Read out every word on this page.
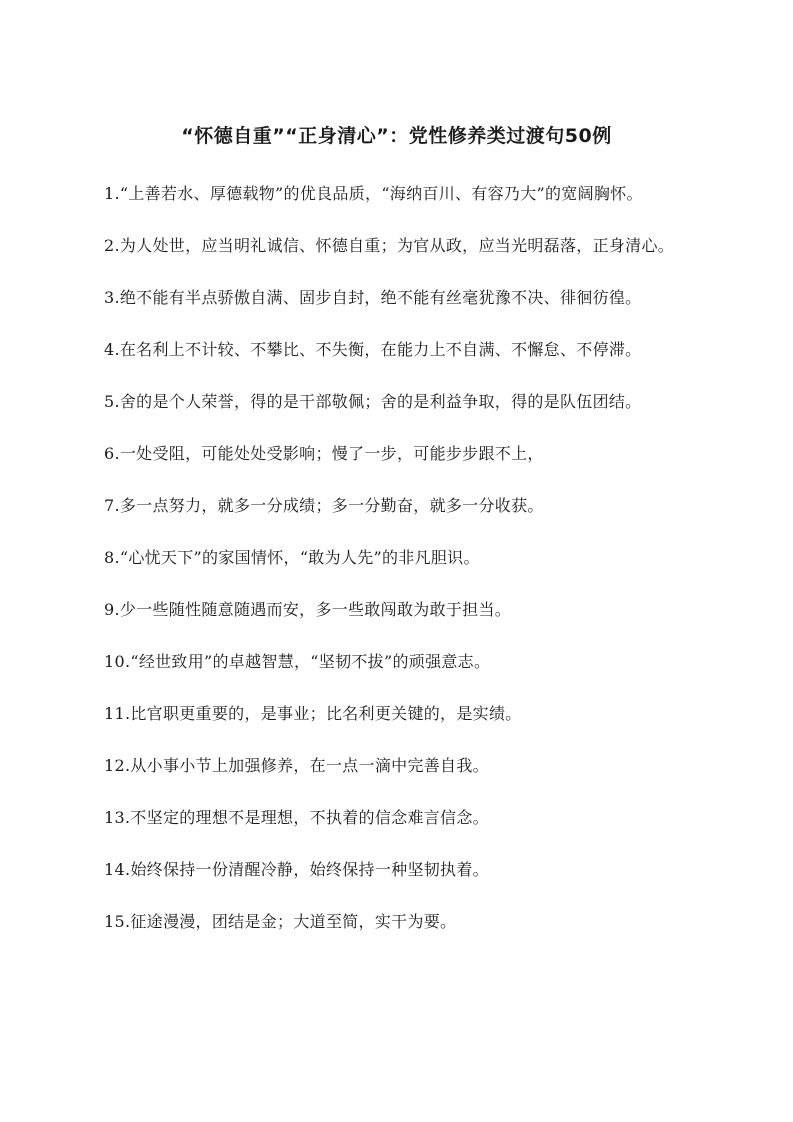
“怀德自重”“正身清心”：党性修养类过渡句50例
1.“上善若水、厚德载物”的优良品质，“海纳百川、有容乃大”的宽阔胸怀。
2.为人处世，应当明礼诚信、怀德自重；为官从政，应当光明磊落，正身清心。
3.绝不能有半点骄傲自满、固步自封，绝不能有丝毫犹豫不决、徘徊彷徨。
4.在名利上不计较、不攀比、不失衡，在能力上不自满、不懈怠、不停滞。
5.舍的是个人荣誉，得的是干部敬佩；舍的是利益争取，得的是队伍团结。
6.一处受阻，可能处处受影响；慢了一步，可能步步跟不上，
7.多一点努力，就多一分成绩；多一分勤奋，就多一分收获。
8.“心忧天下”的家国情怀，“敢为人先”的非凡胆识。
9.少一些随性随意随遇而安，多一些敢闯敢为敢于担当。
10.“经世致用”的卓越智慧，“坚韧不拔”的顽强意志。
11.比官职更重要的，是事业；比名利更关键的，是实绩。
12.从小事小节上加强修养，在一点一滴中完善自我。
13.不坚定的理想不是理想，不执着的信念难言信念。
14.始终保持一份清醒冷静，始终保持一种坚韧执着。
15.征途漫漫，团结是金；大道至简，实干为要。
